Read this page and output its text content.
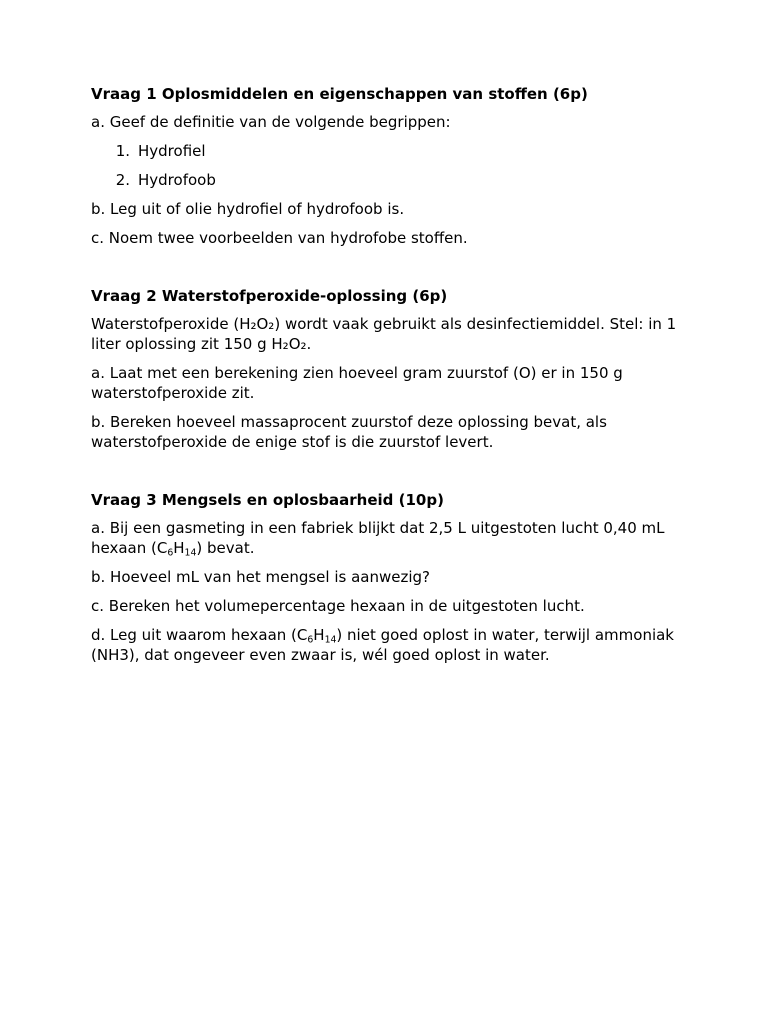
Vraag 1 Oplosmiddelen en eigenschappen van stoffen (6p)

a. Geef de definitie van de volgende begrippen:

1. Hydrofiel
2. Hydrofoob

b. Leg uit of olie hydrofiel of hydrofoob is.

c. Noem twee voorbeelden van hydrofobe stoffen.

Vraag 2 Waterstofperoxide-oplossing (6p)

Waterstofperoxide (H₂O₂) wordt vaak gebruikt als desinfectiemiddel. Stel: in 1 liter oplossing zit 150 g H₂O₂.

a. Laat met een berekening zien hoeveel gram zuurstof (O) er in 150 g waterstofperoxide zit.

b. Bereken hoeveel massaprocent zuurstof deze oplossing bevat, als waterstofperoxide de enige stof is die zuurstof levert.

Vraag 3 Mengsels en oplosbaarheid (10p)

a. Bij een gasmeting in een fabriek blijkt dat 2,5 L uitgestoten lucht 0,40 mL hexaan $(C_6H_{14})$ bevat.

b. Hoeveel mL van het mengsel is aanwezig?

c. Bereken het volumepercentage hexaan in de uitgestoten lucht.

d. Leg uit waarom hexaan $(C_6H_{14})$ niet goed oplost in water, terwijl ammoniak (NH3), dat ongeveer even zwaar is, wél goed oplost in water.
